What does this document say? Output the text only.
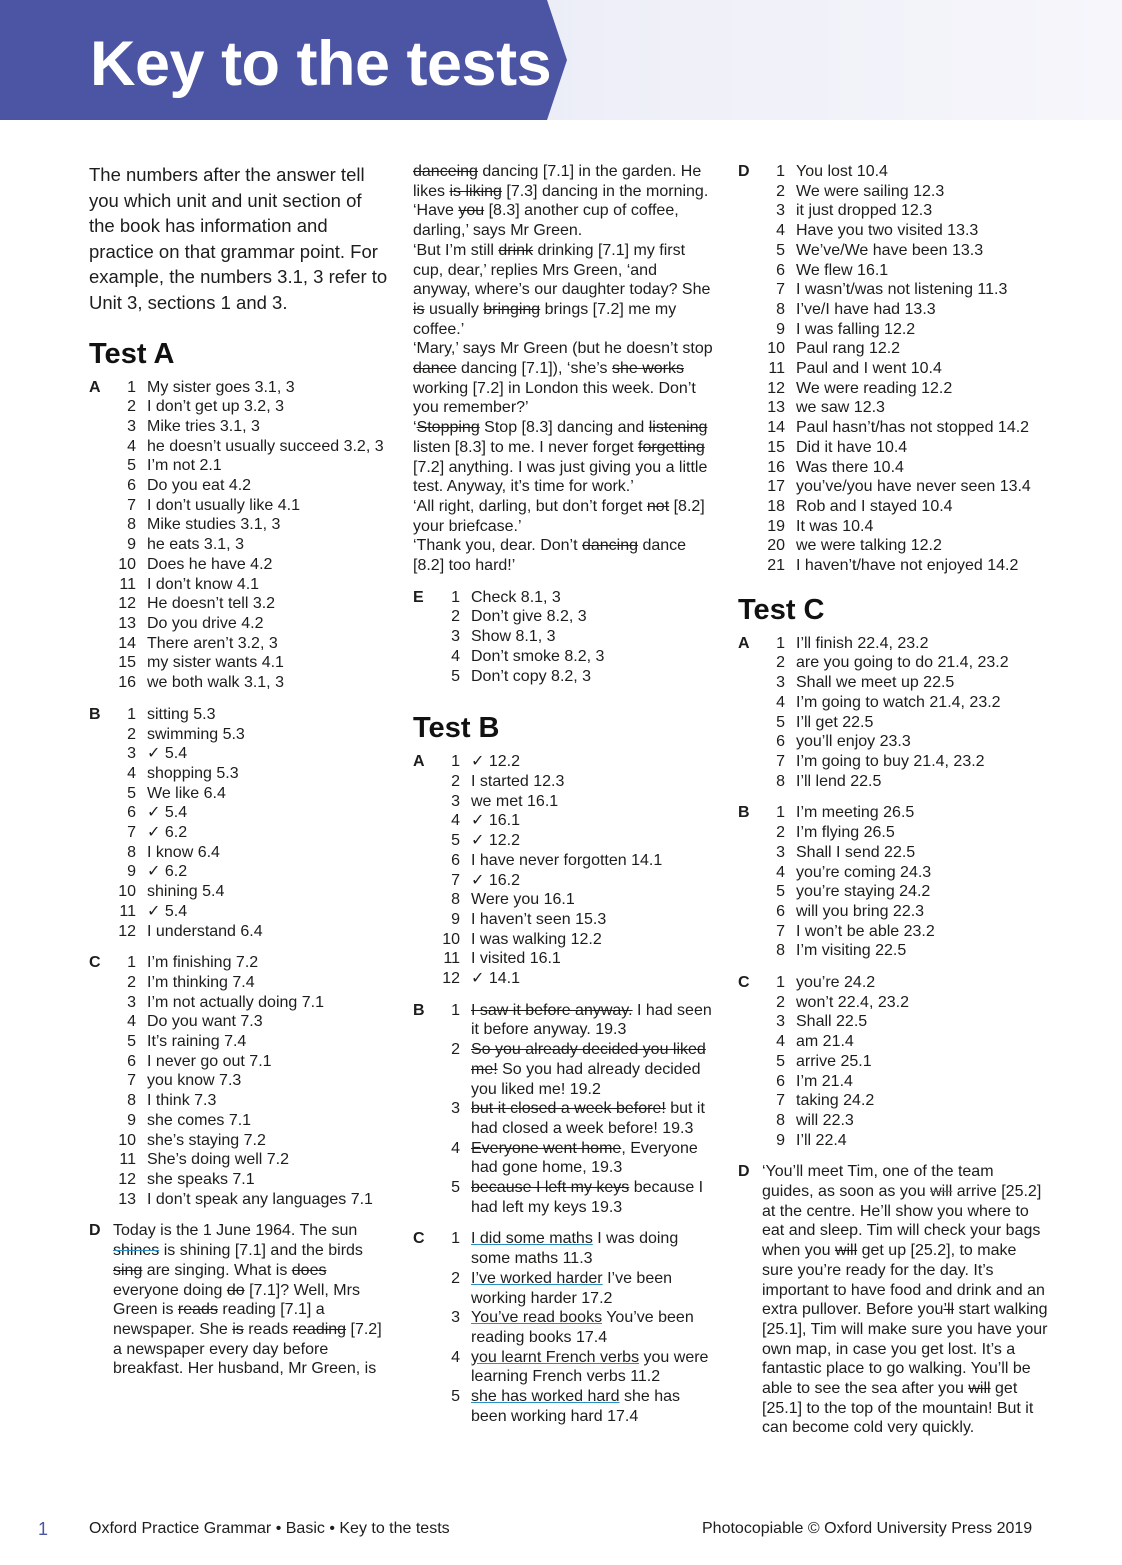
Key to the tests

The numbers after the answer tell you which unit and unit section of the book has information and practice on that grammar point. For example, the numbers 3.1, 3 refer to Unit 3, sections 1 and 3.

Test A
A	1 My sister goes 3.1, 3
2 I don’t get up 3.2, 3
3 Mike tries 3.1, 3
4 he doesn’t usually succeed 3.2, 3
5 I’m not 2.1
6 Do you eat 4.2
7 I don’t usually like 4.1
8 Mike studies 3.1, 3
9 he eats 3.1, 3
10 Does he have 4.2
11 I don’t know 4.1
12 He doesn’t tell 3.2
13 Do you drive 4.2
14 There aren’t 3.2, 3
15 my sister wants 4.1
16 we both walk 3.1, 3
B	1 sitting 5.3
2 swimming 5.3
3 ✓ 5.4
4 shopping 5.3
5 We like 6.4
6 ✓ 5.4
7 ✓ 6.2
8 I know 6.4
9 ✓ 6.2
10 shining 5.4
11 ✓ 5.4
12 I understand 6.4
C	1 I’m finishing 7.2
2 I’m thinking 7.4
3 I’m not actually doing 7.1
4 Do you want 7.3
5 It’s raining 7.4
6 I never go out 7.1
7 you know 7.3
8 I think 7.3
9 she comes 7.1
10 she’s staying 7.2
11 She’s doing well 7.2
12 she speaks 7.1
13 I don’t speak any languages 7.1
D Today is the 1 June 1964. The sun shines is shining [7.1] and the birds sing are singing. What is does everyone doing do [7.1]? Well, Mrs Green is reads reading [7.1] a newspaper. She is reads reading [7.2] a newspaper every day before breakfast. Her husband, Mr Green, is
danceing dancing [7.1] in the garden. He likes is liking [7.3] dancing in the morning.
‘Have you [8.3] another cup of coffee, darling,’ says Mr Green.
‘But I’m still drink drinking [7.1] my first cup, dear,’ replies Mrs Green, ‘and anyway, where’s our daughter today? She is usually bringing brings [7.2] me my coffee.’
‘Mary,’ says Mr Green (but he doesn’t stop dance dancing [7.1]), ‘she’s she works working [7.2] in London this week. Don’t you remember?’
‘Stopping Stop [8.3] dancing and listening listen [8.3] to me. I never forget forgetting [7.2] anything. I was just giving you a little test. Anyway, it’s time for work.’
‘All right, darling, but don’t forget not [8.2] your briefcase.’
‘Thank you, dear. Don’t dancing dance [8.2] too hard!’
E	1 Check 8.1, 3
2 Don’t give 8.2, 3
3 Show 8.1, 3
4 Don’t smoke 8.2, 3
5 Don’t copy 8.2, 3
Test B
A	1 ✓ 12.2
2 I started 12.3
3 we met 16.1
4 ✓ 16.1
5 ✓ 12.2
6 I have never forgotten 14.1
7 ✓ 16.2
8 Were you 16.1
9 I haven’t seen 15.3
10 I was walking 12.2
11 I visited 16.1
12 ✓ 14.1
B	1 I saw it before anyway. I had seen it before anyway. 19.3
2 So you already decided you liked me! So you had already decided you liked me! 19.2
3 but it closed a week before! but it had closed a week before! 19.3
4 Everyone went home, Everyone had gone home, 19.3
5 because I left my keys because I had left my keys 19.3
C	1 I did some maths I was doing some maths 11.3
2 I’ve worked harder I’ve been working harder 17.2
3 You’ve read books You’ve been reading books 17.4
4 you learnt French verbs you were learning French verbs 11.2
5 she has worked hard she has been working hard 17.4
D	1 You lost 10.4
2 We were sailing 12.3
3 it just dropped 12.3
4 Have you two visited 13.3
5 We’ve/We have been 13.3
6 We flew 16.1
7 I wasn’t/was not listening 11.3
8 I’ve/I have had 13.3
9 I was falling 12.2
10 Paul rang 12.2
11 Paul and I went 10.4
12 We were reading 12.2
13 we saw 12.3
14 Paul hasn’t/has not stopped 14.2
15 Did it have 10.4
16 Was there 10.4
17 you’ve/you have never seen 13.4
18 Rob and I stayed 10.4
19 It was 10.4
20 we were talking 12.2
21 I haven’t/have not enjoyed 14.2
Test C
A	1 I’ll finish 22.4, 23.2
2 are you going to do 21.4, 23.2
3 Shall we meet up 22.5
4 I’m going to watch 21.4, 23.2
5 I’ll get 22.5
6 you’ll enjoy 23.3
7 I’m going to buy 21.4, 23.2
8 I’ll lend 22.5
B	1 I’m meeting 26.5
2 I’m flying 26.5
3 Shall I send 22.5
4 you’re coming 24.3
5 you’re staying 24.2
6 will you bring 22.3
7 I won’t be able 23.2
8 I’m visiting 22.5
C	1 you’re 24.2
2 won’t 22.4, 23.2
3 Shall 22.5
4 am 21.4
5 arrive 25.1
6 I’m 21.4
7 taking 24.2
8 will 22.3
9 I’ll 22.4
D ‘You’ll meet Tim, one of the team guides, as soon as you will arrive [25.2] at the centre. He’ll show you where to eat and sleep. Tim will check your bags when you will get up [25.2], to make sure you’re ready for the day. It’s important to have food and drink and an extra pullover. Before you’ll start walking [25.1], Tim will make sure you have your own map, in case you get lost. It’s a fantastic place to go walking. You’ll be able to see the sea after you will get [25.1] to the top of the mountain! But it can become cold very quickly.
1	Oxford Practice Grammar • Basic • Key to the tests	Photocopiable © Oxford University Press 2019
